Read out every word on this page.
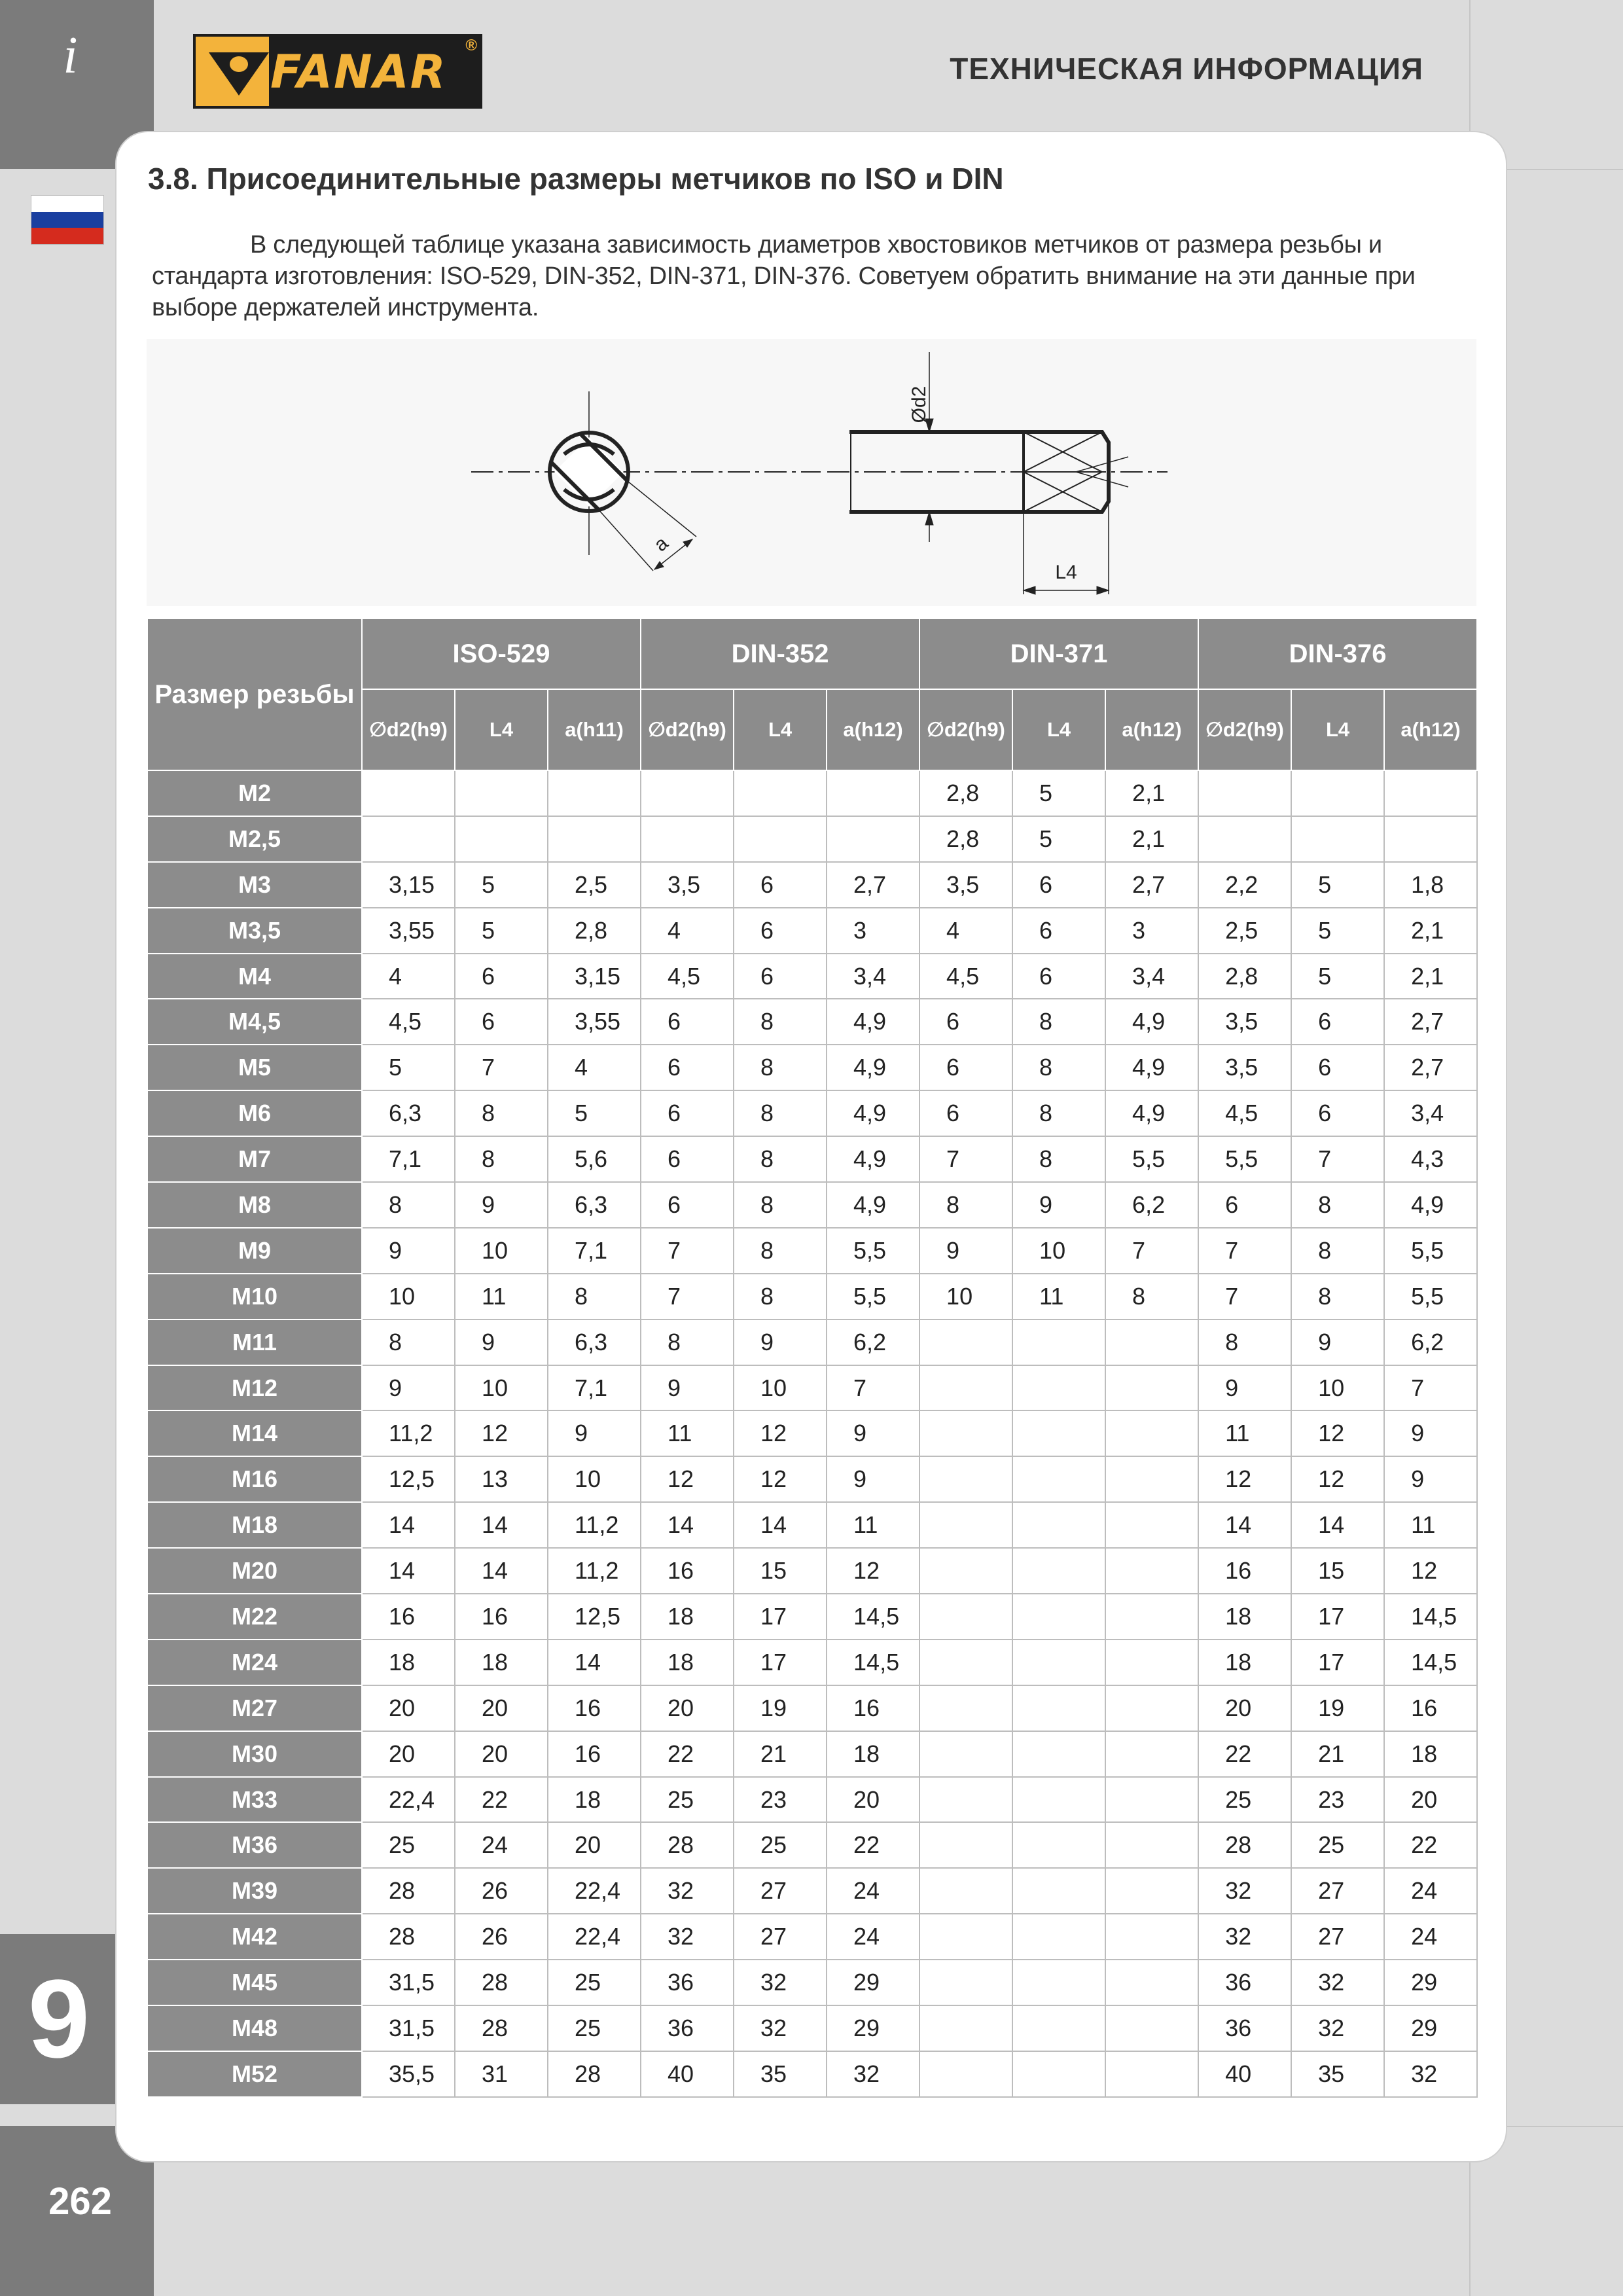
i
9
262
FANAR	®
ТЕХНИЧЕСКАЯ ИНФОРМАЦИЯ
3.8. Присоединительные размеры метчиков по ISO и DIN
В следующей таблице указана зависимость диаметров хвостовиков метчиков от размера резьбы и стандарта изготовления: ISO-529, DIN-352, DIN-371, DIN-376. Советуем обратить внимание на эти данные при выборе держателей инструмента.
a
Ød2
L4
Размер резьбы	ISO-529			DIN-352			DIN-371			DIN-376		
	∅d2(h9)	L4	a(h11)	∅d2(h9)	L4	a(h12)	∅d2(h9)	L4	a(h12)	∅d2(h9)	L4	a(h12)
M2							2,8	5	2,1			
M2,5							2,8	5	2,1			
M3	3,15	5	2,5	3,5	6	2,7	3,5	6	2,7	2,2	5	1,8
M3,5	3,55	5	2,8	4	6	3	4	6	3	2,5	5	2,1
M4	4	6	3,15	4,5	6	3,4	4,5	6	3,4	2,8	5	2,1
M4,5	4,5	6	3,55	6	8	4,9	6	8	4,9	3,5	6	2,7
M5	5	7	4	6	8	4,9	6	8	4,9	3,5	6	2,7
M6	6,3	8	5	6	8	4,9	6	8	4,9	4,5	6	3,4
M7	7,1	8	5,6	6	8	4,9	7	8	5,5	5,5	7	4,3
M8	8	9	6,3	6	8	4,9	8	9	6,2	6	8	4,9
M9	9	10	7,1	7	8	5,5	9	10	7	7	8	5,5
M10	10	11	8	7	8	5,5	10	11	8	7	8	5,5
M11	8	9	6,3	8	9	6,2				8	9	6,2
M12	9	10	7,1	9	10	7				9	10	7
M14	11,2	12	9	11	12	9				11	12	9
M16	12,5	13	10	12	12	9				12	12	9
M18	14	14	11,2	14	14	11				14	14	11
M20	14	14	11,2	16	15	12				16	15	12
M22	16	16	12,5	18	17	14,5				18	17	14,5
M24	18	18	14	18	17	14,5				18	17	14,5
M27	20	20	16	20	19	16				20	19	16
M30	20	20	16	22	21	18				22	21	18
M33	22,4	22	18	25	23	20				25	23	20
M36	25	24	20	28	25	22				28	25	22
M39	28	26	22,4	32	27	24				32	27	24
M42	28	26	22,4	32	27	24				32	27	24
M45	31,5	28	25	36	32	29				36	32	29
M48	31,5	28	25	36	32	29				36	32	29
M52	35,5	31	28	40	35	32				40	35	32
